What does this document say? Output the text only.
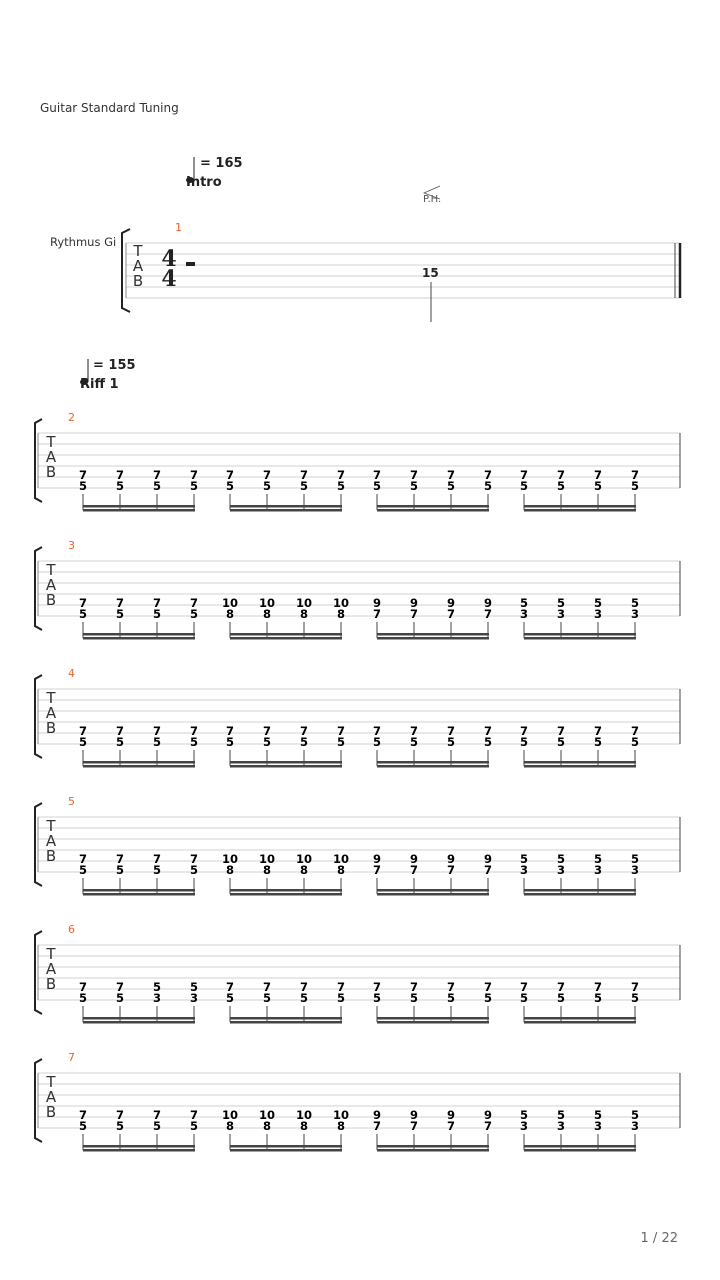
Guitar Standard Tuning
= 165
Intro
P.H.
Rythmus Gi
1
T
A
B
4
4	15
= 155
Riff 1
2
T
A
B 7
5
7
5
7
5
7
5
7
5
7
5
7
5
7
5
7
5
7
5
7
5
7
5
7
5
7
5
7
5
7
5
3
T
A
B 7
5
7
5
7
5
7
5
10
8
10
8
10
8
10
8
9
7
9
7
9
7
9
7
5
3
5
3
5
3
5
3
4
T
A
B 7
5
7
5
7
5
7
5
7
5
7
5
7
5
7
5
7
5
7
5
7
5
7
5
7
5
7
5
7
5
7
5
5
T
A
B 7
5
7
5
7
5
7
5
10
8
10
8
10
8
10
8
9
7
9
7
9
7
9
7
5
3
5
3
5
3
5
3
6
T
A
B 7
5
7
5
5
3
5
3
7
5
7
5
7
5
7
5
7
5
7
5
7
5
7
5
7
5
7
5
7
5
7
5
7
T
A
B 7
5
7
5
7
5
7
5
10
8
10
8
10
8
10
8
9
7
9
7
9
7
9
7
5
3
5
3
5
3
5
3
1 / 22
